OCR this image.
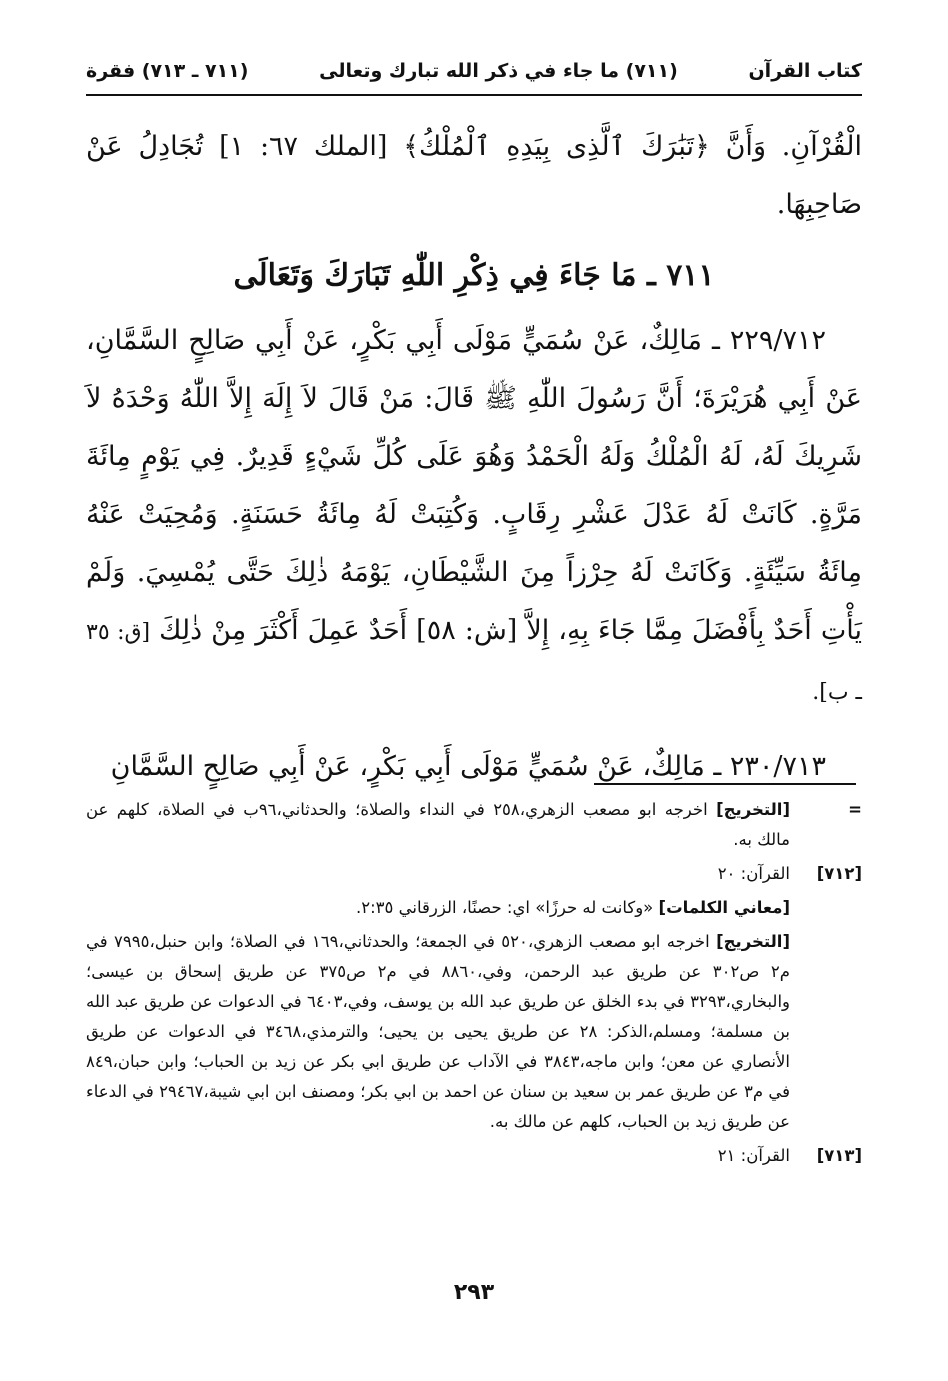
كتاب القرآن
(٧١١) ما جاء في ذكر الله تبارك وتعالى
(٧١١ ـ ٧١٣) فقرة

الْقُرْآنِ. وَأَنَّ ﴿تَبَٰرَكَ ٱلَّذِى بِيَدِهِ ٱلْمُلْكُ﴾ [الملك ٦٧: ١] تُجَادِلُ عَنْ صَاحِبِهَا.

٧١١ ـ مَا جَاءَ فِي ذِكْرِ اللّٰهِ تَبَارَكَ وَتَعَالَى

٢٢٩/٧١٢ ـ مَالِكٌ، عَنْ سُمَيٍّ مَوْلَى أَبِي بَكْرٍ، عَنْ أَبِي صَالِحٍ السَّمَّانِ، عَنْ أَبِي هُرَيْرَةَ؛ أَنَّ رَسُولَ اللّٰهِ ﷺ قَالَ: مَنْ قَالَ لاَ إِلَهَ إِلاَّ اللّٰهُ وَحْدَهُ لاَ شَرِيكَ لَهُ، لَهُ الْمُلْكُ وَلَهُ الْحَمْدُ وَهُوَ عَلَى كُلِّ شَيْءٍ قَدِيرٌ. فِي يَوْمٍ مِائَةَ مَرَّةٍ. كَانَتْ لَهُ عَدْلَ عَشْرِ رِقَابٍ. وَكُتِبَتْ لَهُ مِائَةُ حَسَنَةٍ. وَمُحِيَتْ عَنْهُ مِائَةُ سَيِّئَةٍ. وَكَانَتْ لَهُ حِرْزاً مِنَ الشَّيْطَانِ، يَوْمَهُ ذٰلِكَ حَتَّى يُمْسِيَ. وَلَمْ يَأْتِ أَحَدٌ بِأَفْضَلَ مِمَّا جَاءَ بِهِ، إِلاَّ [ش: ٥٨] أَحَدٌ عَمِلَ أَكْثَرَ مِنْ ذٰلِكَ [ق: ٣٥ ـ ب].

٢٣٠/٧١٣ ـ مَالِكٌ، عَنْ سُمَيٍّ مَوْلَى أَبِي بَكْرٍ، عَنْ أَبِي صَالِحٍ السَّمَّانِ

=
[التخريج] اخرجه ابو مصعب الزهري،٢٥٨ في النداء والصلاة؛ والحدثاني،٩٦ب في الصلاة، كلهم عن مالك به.
[٧١٢]
القرآن: ٢٠
[معاني الكلمات] «وكانت له حرزًا» اي: حصنًا، الزرقاني ٢:٣٥.
[التخريج] اخرجه ابو مصعب الزهري،٥٢٠ في الجمعة؛ والحدثاني،١٦٩ في الصلاة؛ وابن حنبل،٧٩٩٥ في م٢ ص٣٠٢ عن طريق عبد الرحمن، وفي،٨٨٦٠ في م٢ ص٣٧٥ عن طريق إسحاق بن عيسى؛ والبخاري،٣٢٩٣ في بدء الخلق عن طريق عبد الله بن يوسف، وفي،٦٤٠٣ في الدعوات عن طريق عبد الله بن مسلمة؛ ومسلم،الذكر: ٢٨ عن طريق يحيى بن يحيى؛ والترمذي،٣٤٦٨ في الدعوات عن طريق الأنصاري عن معن؛ وابن ماجه،٣٨٤٣ في الآداب عن طريق ابي بكر عن زيد بن الحباب؛ وابن حبان،٨٤٩ في م٣ عن طريق عمر بن سعيد بن سنان عن احمد بن ابي بكر؛ ومصنف ابن ابي شيبة،٢٩٤٦٧ في الدعاء عن طريق زيد بن الحباب، كلهم عن مالك به.
[٧١٣]
القرآن: ٢١
٢٩٣
